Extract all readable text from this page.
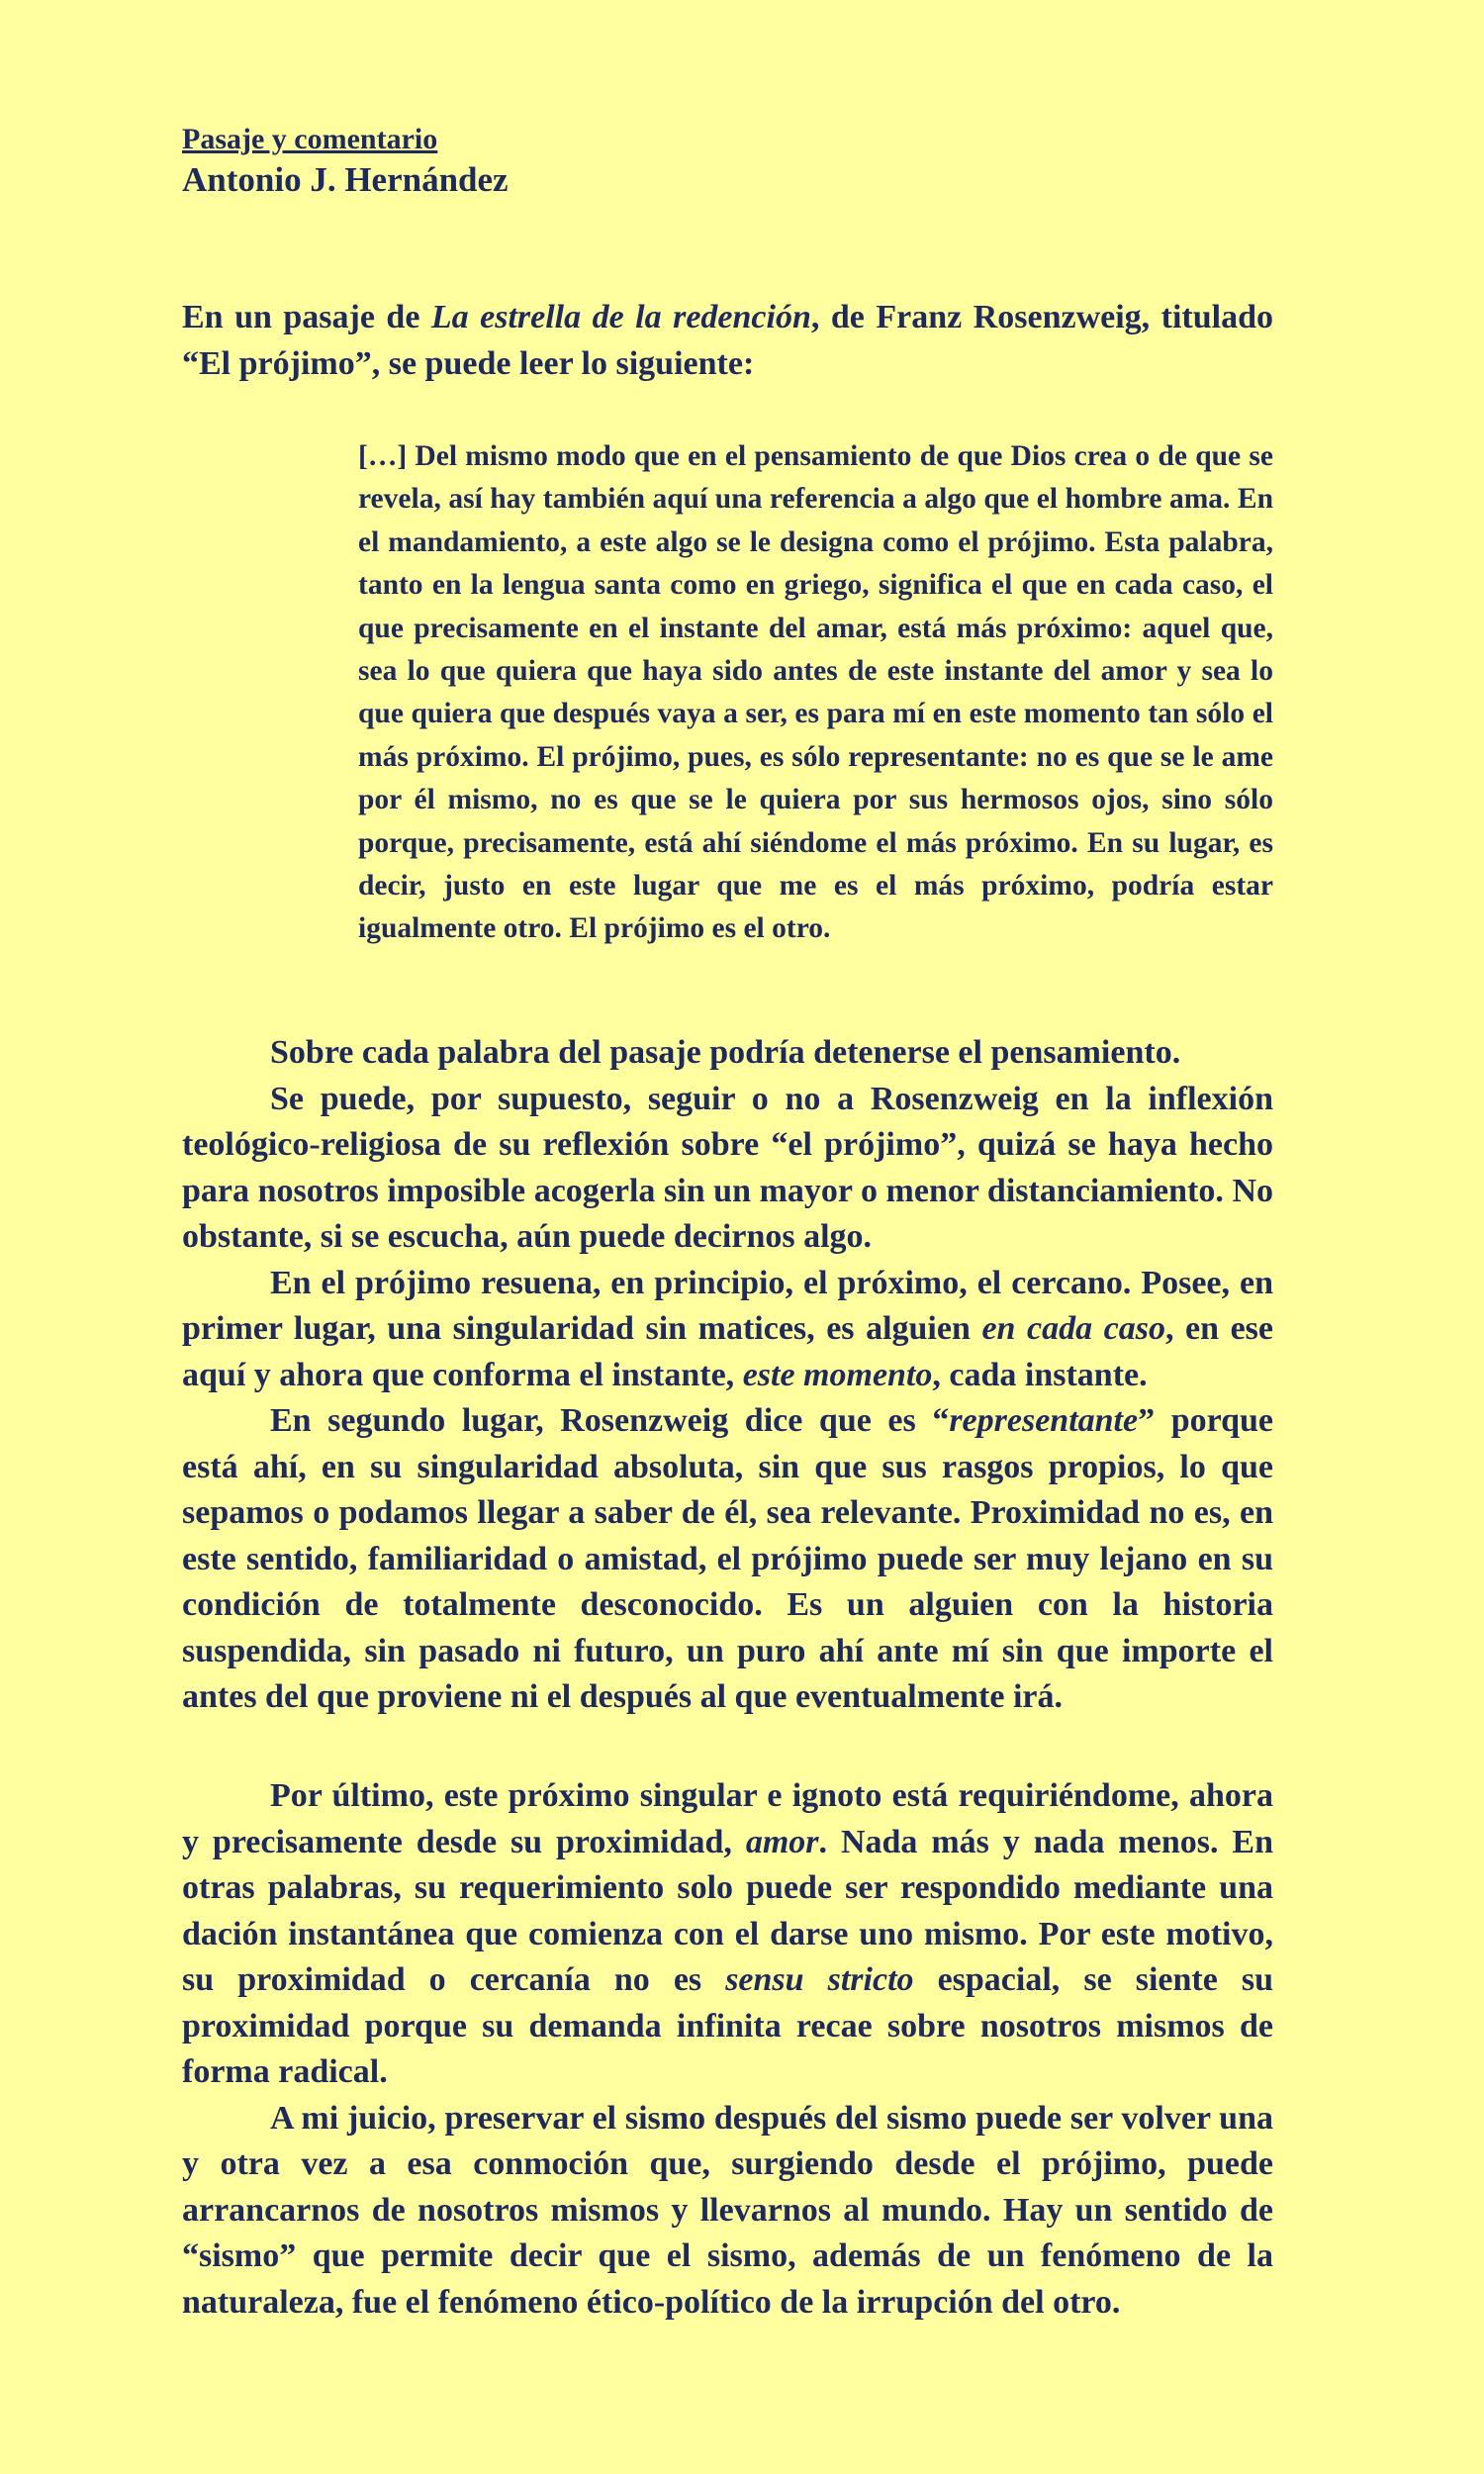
Pasaje y comentario

Antonio J. Hernández

En un pasaje de La estrella de la redención, de Franz Rosenzweig, titulado “El prójimo”, se puede leer lo siguiente:

[…] Del mismo modo que en el pensamiento de que Dios crea o de que se revela, así hay también aquí una referencia a algo que el hombre ama. En el mandamiento, a este algo se le designa como el prójimo. Esta palabra, tanto en la lengua santa como en griego, significa el que en cada caso, el que precisamente en el instante del amar, está más próximo: aquel que, sea lo que quiera que haya sido antes de este instante del amor y sea lo que quiera que después vaya a ser, es para mí en este momento tan sólo el más próximo. El prójimo, pues, es sólo representante: no es que se le ame por él mismo, no es que se le quiera por sus hermosos ojos, sino sólo porque, precisamente, está ahí siéndome el más próximo. En su lugar, es decir, justo en este lugar que me es el más próximo, podría estar igualmente otro. El prójimo es el otro.

Sobre cada palabra del pasaje podría detenerse el pensamiento.

Se puede, por supuesto, seguir o no a Rosenzweig en la inflexión teológico-religiosa de su reflexión sobre “el prójimo”, quizá se haya hecho para nosotros imposible acogerla sin un mayor o menor distanciamiento. No obstante, si se escucha, aún puede decirnos algo.

En el prójimo resuena, en principio, el próximo, el cercano. Posee, en primer lugar, una singularidad sin matices, es alguien en cada caso, en ese aquí y ahora que conforma el instante, este momento, cada instante.

En segundo lugar, Rosenzweig dice que es “representante” porque está ahí, en su singularidad absoluta, sin que sus rasgos propios, lo que sepamos o podamos llegar a saber de él, sea relevante. Proximidad no es, en este sentido, familiaridad o amistad, el prójimo puede ser muy lejano en su condición de totalmente desconocido. Es un alguien con la historia suspendida, sin pasado ni futuro, un puro ahí ante mí sin que importe el antes del que proviene ni el después al que eventualmente irá.

Por último, este próximo singular e ignoto está requiriéndome, ahora y precisamente desde su proximidad, amor. Nada más y nada menos. En otras palabras, su requerimiento solo puede ser respondido mediante una dación instantánea que comienza con el darse uno mismo. Por este motivo, su proximidad o cercanía no es sensu stricto espacial, se siente su proximidad porque su demanda infinita recae sobre nosotros mismos de forma radical.

A mi juicio, preservar el sismo después del sismo puede ser volver una y otra vez a esa conmoción que, surgiendo desde el prójimo, puede arrancarnos de nosotros mismos y llevarnos al mundo. Hay un sentido de “sismo” que permite decir que el sismo, además de un fenómeno de la naturaleza, fue el fenómeno ético-político de la irrupción del otro.
